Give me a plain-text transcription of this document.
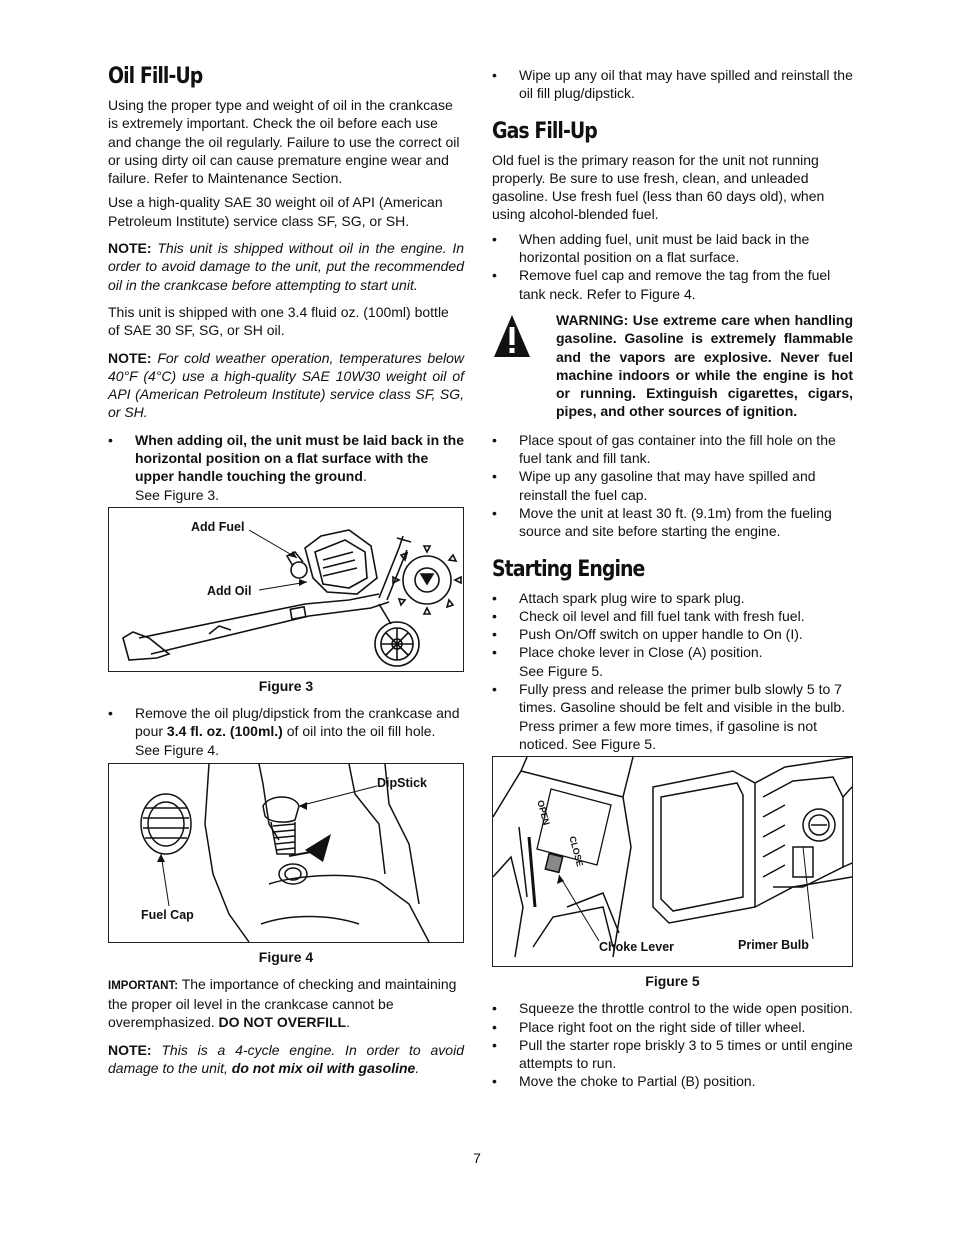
Oil Fill-Up

Using the proper type and weight of oil in the crankcase is extremely important. Check the oil before each use and change the oil regularly. Failure to use the correct oil or using dirty oil can cause premature engine wear and failure. Refer to Maintenance Section.

Use a high-quality SAE 30 weight oil of API (American Petroleum Institute) service class SF, SG, or SH.

NOTE: This unit is shipped without oil in the engine. In order to avoid damage to the unit, put the recommended oil in the crankcase before attempting to start unit.

This unit is shipped with one 3.4 fluid oz. (100ml) bottle of SAE 30 SF, SG, or SH oil.

NOTE: For cold weather operation, temperatures below 40°F (4°C) use a high-quality SAE 10W30 weight oil of API (American Petroleum Institute) service class SF, SG, or SH.

• When adding oil, the unit must be laid back in the horizontal position on a flat surface with the upper handle touching the ground.
See Figure 3.
Add Fuel
Add Oil
Figure 3
• Remove the oil plug/dipstick from the crankcase and pour 3.4 fl. oz. (100ml.) of oil into the oil fill hole. See Figure 4.
DipStick
Fuel Cap
Figure 4

IMPORTANT: The importance of checking and maintaining the proper oil level in the crankcase cannot be overemphasized. DO NOT OVERFILL.

NOTE: This is a 4-cycle engine. In order to avoid damage to the unit, do not mix oil with gasoline.

• Wipe up any oil that may have spilled and reinstall the oil fill plug/dipstick.
Gas Fill-Up

Old fuel is the primary reason for the unit not running properly. Be sure to use fresh, clean, and unleaded gasoline. Use fresh fuel (less than 60 days old), when using alcohol-blended fuel.

• When adding fuel, unit must be laid back in the horizontal position on a flat surface.
• Remove fuel cap and remove the tag from the fuel tank neck. Refer to Figure 4.
WARNING: Use extreme care when handling gasoline. Gasoline is extremely flammable and the vapors are explosive. Never fuel machine indoors or while the engine is hot or running. Extinguish cigarettes, cigars, pipes, and other sources of ignition.
• Place spout of gas container into the fill hole on the fuel tank and fill tank.
• Wipe up any gasoline that may have spilled and reinstall the fuel cap.
• Move the unit at least 30 ft. (9.1m) from the fueling source and site before starting the engine.
Starting Engine
• Attach spark plug wire to spark plug.
• Check oil level and fill fuel tank with fresh fuel.
• Push On/Off switch on upper handle to On (I).
• Place choke lever in Close (A) position.
See Figure 5.
• Fully press and release the primer bulb slowly 5 to 7 times. Gasoline should be felt and visible in the bulb. Press primer a few more times, if gasoline is not noticed. See Figure 5.
OPEN
CLOSE
Choke Lever	Primer Bulb
Figure 5
• Squeeze the throttle control to the wide open position.
• Place right foot on the right side of tiller wheel.
• Pull the starter rope briskly 3 to 5 times or until engine attempts to run.
• Move the choke to Partial (B) position.
7
